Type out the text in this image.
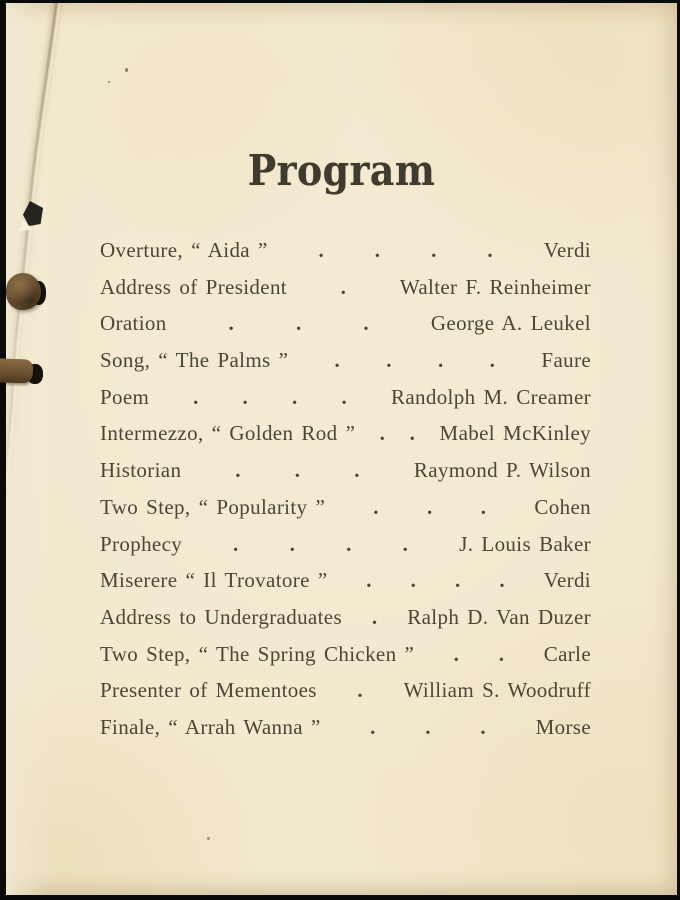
Program
Overture, “ Aida ” . . . . Verdi
Address of President	.	Walter F. Reinheimer
Oration	.	.	.	George A. Leukel
Song, “ The Palms ” . . . . Faure
Poem . . . . Randolph M. Creamer
Intermezzo, “ Golden Rod ” . . Mabel McKinley
Historian	.	.	.	Raymond P. Wilson
Two Step, “ Popularity ” . . . Cohen
Prophecy . . . . J. Louis Baker
Miserere “ Il Trovatore ” . . . . Verdi
Address to Undergraduates . Ralph D. Van Duzer
Two Step, “ The Spring Chicken ” . . Carle
Presenter of Mementoes . William S. Woodruff
Finale, “ Arrah Wanna ” . . . Morse
